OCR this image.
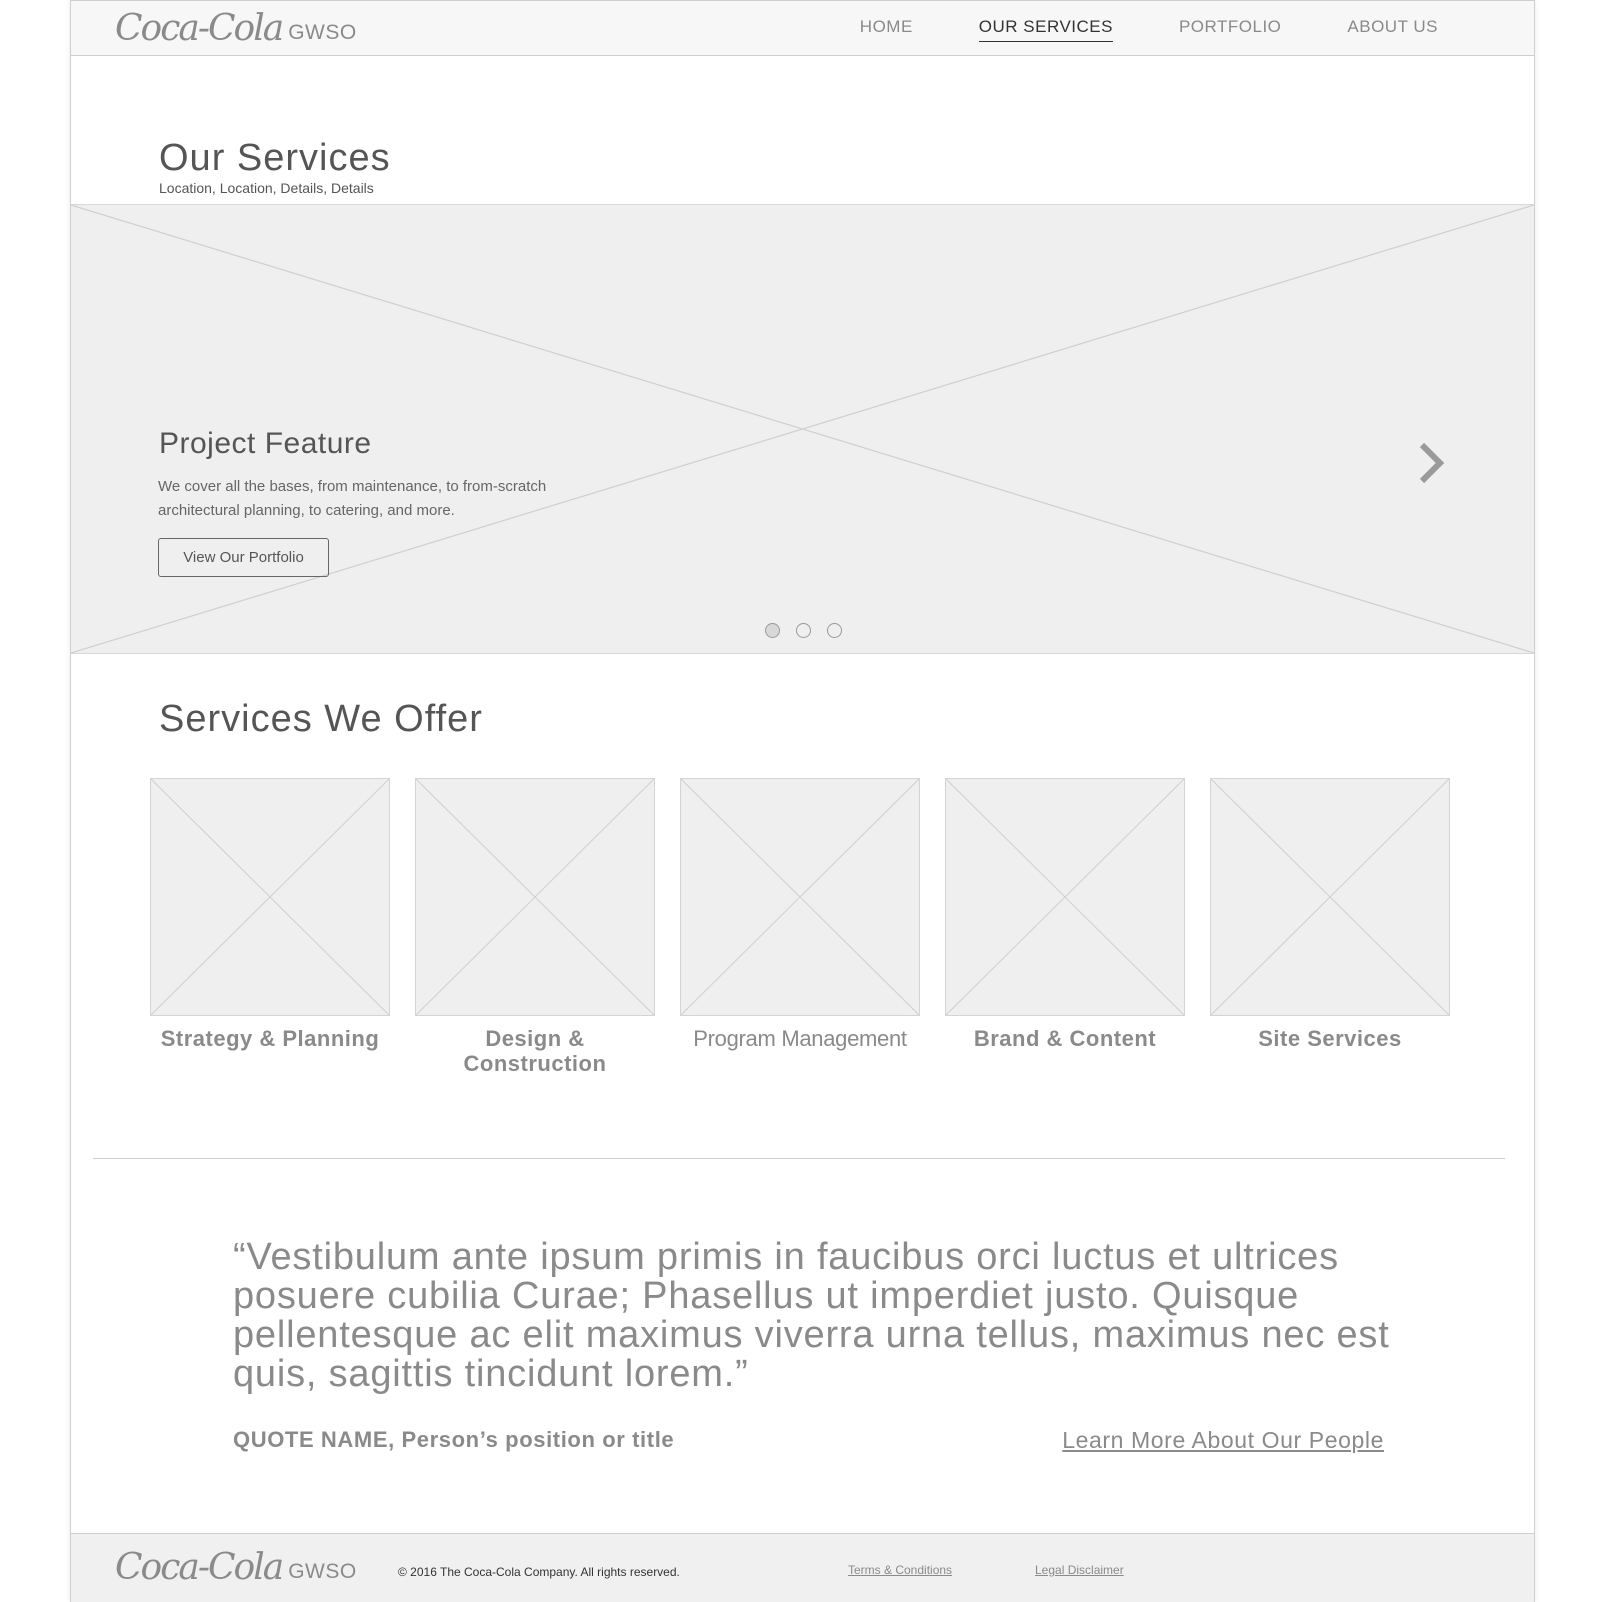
Coca-Cola GWSO	HOME	OUR SERVICES	PORTFOLIO	ABOUT US
Our Services
Location, Location, Details, Details
Project Feature
We cover all the bases, from maintenance, to from-scratch architectural planning, to catering, and more.
View Our Portfolio
Services We Offer
Strategy & Planning	Design & Construction
Program Management	Brand & Content	Site Services
“Vestibulum ante ipsum primis in faucibus orci luctus et ultrices posuere cubilia Curae; Phasellus ut imperdiet justo. Quisque pellentesque ac elit maximus viverra urna tellus, maximus nec est quis, sagittis tincidunt lorem.”
QUOTE NAME, Person’s position or title	Learn More About Our People
Coca-Cola GWSO	© 2016 The Coca-Cola Company. All rights reserved.	Terms & Conditions	Legal Disclaimer
